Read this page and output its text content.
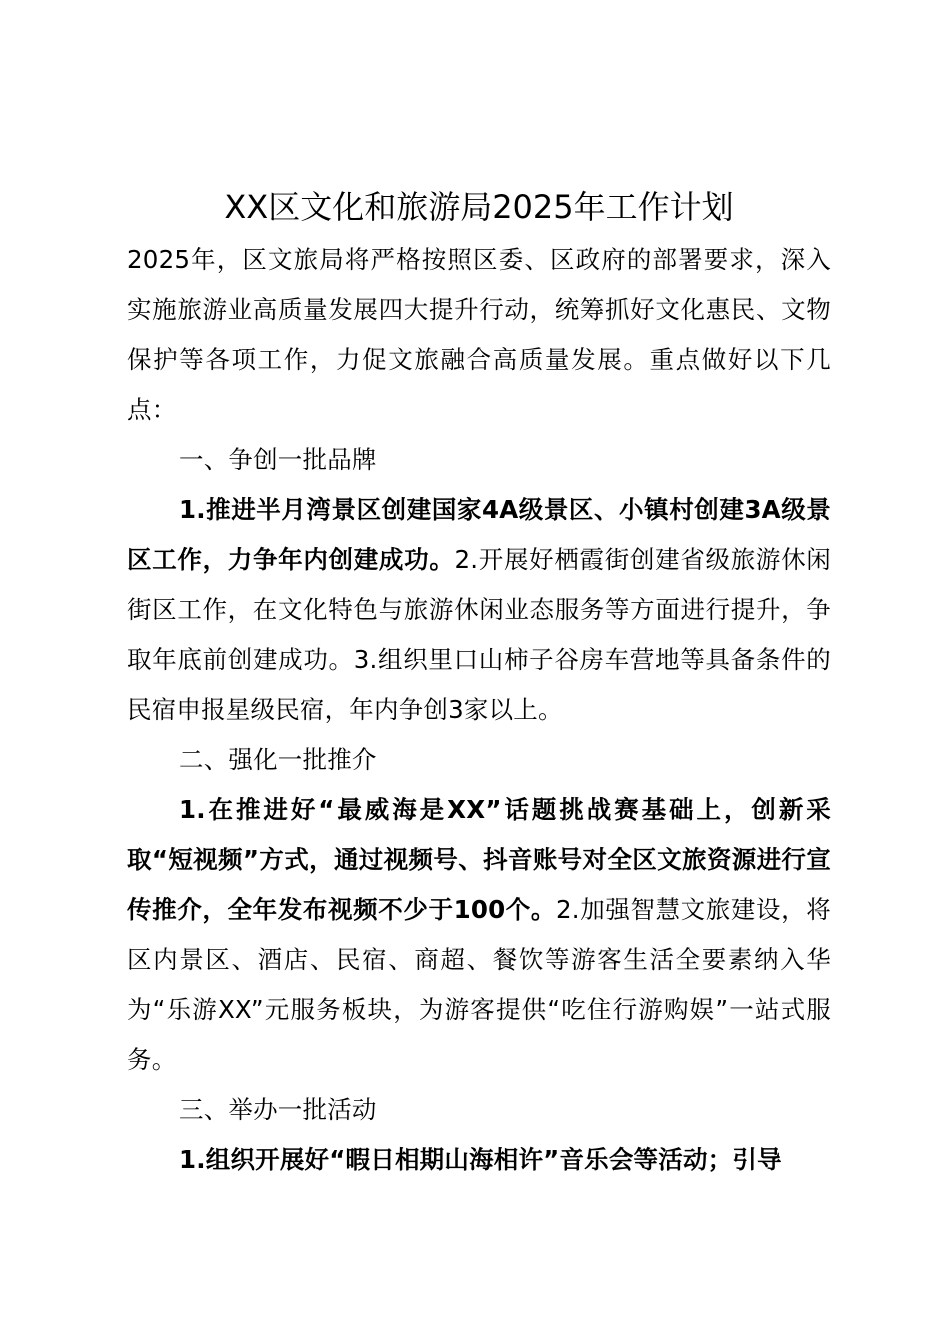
XX区文化和旅游局2025年工作计划

2025年，区文旅局将严格按照区委、区政府的部署要求，深入实施旅游业高质量发展四大提升行动，统筹抓好文化惠民、文物保护等各项工作，力促文旅融合高质量发展。重点做好以下几点：

一、争创一批品牌

1.推进半月湾景区创建国家4A级景区、小镇村创建3A级景区工作，力争年内创建成功。2.开展好栖霞街创建省级旅游休闲街区工作，在文化特色与旅游休闲业态服务等方面进行提升，争取年底前创建成功。3.组织里口山柿子谷房车营地等具备条件的民宿申报星级民宿，年内争创3家以上。

二、强化一批推介

1.在推进好“最威海是XX”话题挑战赛基础上，创新采取“短视频”方式，通过视频号、抖音账号对全区文旅资源进行宣传推介，全年发布视频不少于100个。2.加强智慧文旅建设，将区内景区、酒店、民宿、商超、餐饮等游客生活全要素纳入华为“乐游XX”元服务板块，为游客提供“吃住行游购娱”一站式服务。

三、举办一批活动

1.组织开展好“暇日相期山海相许”音乐会等活动；引导
